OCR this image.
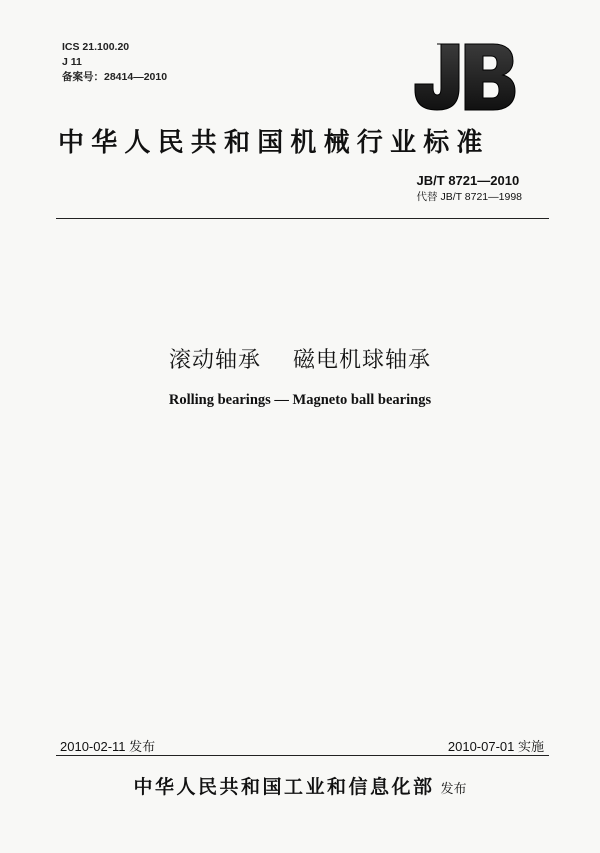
ICS 21.100.20
J 11
备案号：28414—2010
中华人民共和国机械行业标准
JB/T 8721—2010
代替 JB/T 8721—1998
滚动轴承    磁电机球轴承
Rolling bearings — Magneto ball bearings
2010-02-11 发布	2010-07-01 实施
中华人民共和国工业和信息化部 发布
